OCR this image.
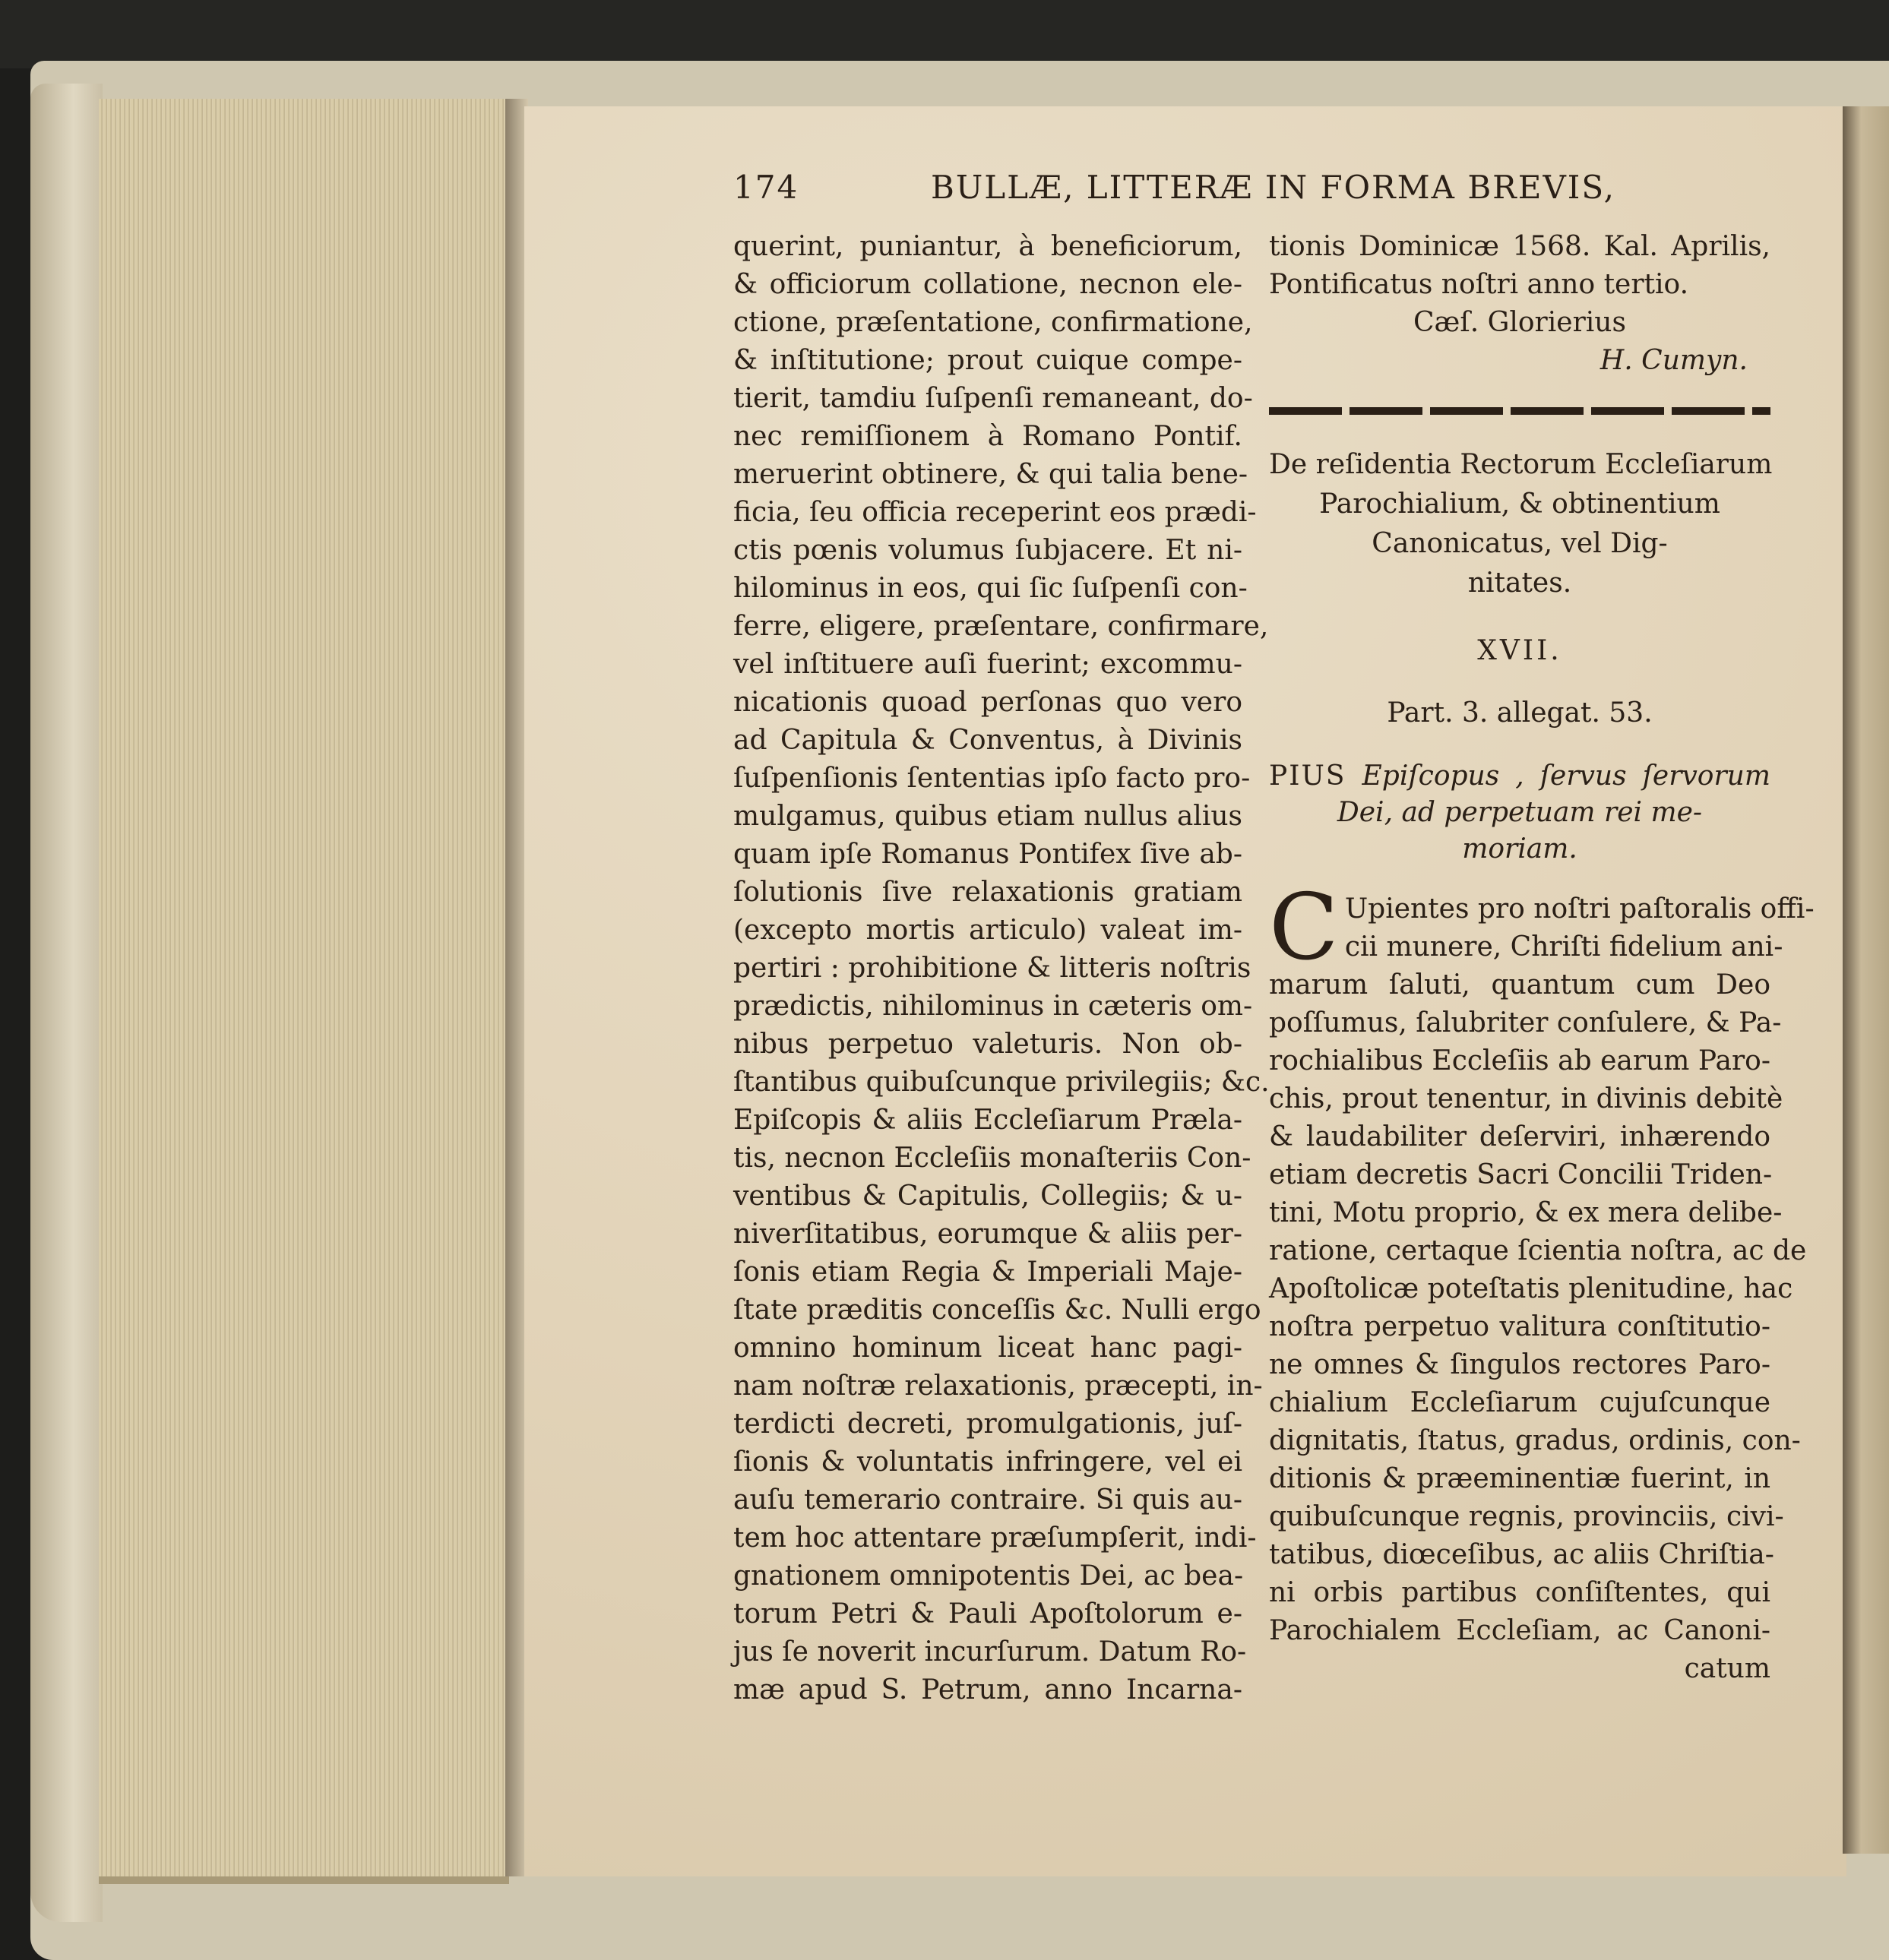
174	BULLÆ, LITTERÆ IN FORMA BREVIS,
querint, puniantur, à beneficiorum,
& officiorum collatione, necnon ele-
ctione, præſentatione, confirmatione,
& inſtitutione; prout cuique compe-
tierit, tamdiu ſuſpenſi remaneant, do-
nec remiſſionem à Romano Pontif.
meruerint obtinere, & qui talia bene-
ficia, ſeu officia receperint eos prædi-
ctis pœnis volumus ſubjacere. Et ni-
hilominus in eos, qui ſic ſuſpenſi con-
ferre, eligere, præſentare, confirmare,
vel inſtituere auſi fuerint; excommu-
nicationis quoad perſonas quo vero
ad Capitula & Conventus, à Divinis
ſuſpenſionis ſententias ipſo facto pro-
mulgamus, quibus etiam nullus alius
quam ipſe Romanus Pontifex ſive ab-
ſolutionis ſive relaxationis gratiam
(excepto mortis articulo) valeat im-
pertiri : prohibitione & litteris noſtris
prædictis, nihilominus in cæteris om-
nibus perpetuo valeturis. Non ob-
ſtantibus quibuſcunque privilegiis; &c.
Epiſcopis & aliis Eccleſiarum Præla-
tis, necnon Eccleſiis monaſteriis Con-
ventibus & Capitulis, Collegiis; & u-
niverſitatibus, eorumque & aliis per-
ſonis etiam Regia & Imperiali Maje-
ſtate præditis conceſſis &c. Nulli ergo
omnino hominum liceat hanc pagi-
nam noſtræ relaxationis, præcepti, in-
terdicti decreti, promulgationis, juſ-
ſionis & voluntatis infringere, vel ei
auſu temerario contraire. Si quis au-
tem hoc attentare præſumpſerit, indi-
gnationem omnipotentis Dei, ac bea-
torum Petri & Pauli Apoſtolorum e-
jus ſe noverit incurſurum. Datum Ro-
mæ apud S. Petrum, anno Incarna-
tionis Dominicæ 1568. Kal. Aprilis,
Pontificatus noſtri anno tertio.
Cæſ. Glorierius
H. Cumyn.
De reſidentia Rectorum Eccleſiarum
Parochialium, & obtinentium
Canonicatus, vel Dig-
nitates.
XVII.
Part. 3. allegat. 53.
PIUS Epiſcopus , ſervus ſervorum
Dei, ad perpetuam rei me-
moriam.
C Upientes pro noſtri paſtoralis offi-
cii munere, Chriſti fidelium ani-
marum ſaluti, quantum cum Deo
poſſumus, ſalubriter conſulere, & Pa-
rochialibus Eccleſiis ab earum Paro-
chis, prout tenentur, in divinis debitè
& laudabiliter deſerviri, inhærendo
etiam decretis Sacri Concilii Triden-
tini, Motu proprio, & ex mera delibe-
ratione, certaque ſcientia noſtra, ac de
Apoſtolicæ poteſtatis plenitudine, hac
noſtra perpetuo valitura conſtitutio-
ne omnes & ſingulos rectores Paro-
chialium Eccleſiarum cujuſcunque
dignitatis, ſtatus, gradus, ordinis, con-
ditionis & præeminentiæ fuerint, in
quibuſcunque regnis, provinciis, civi-
tatibus, diœceſibus, ac aliis Chriſtia-
ni orbis partibus conſiſtentes, qui
Parochialem Eccleſiam, ac Canoni-
catum
